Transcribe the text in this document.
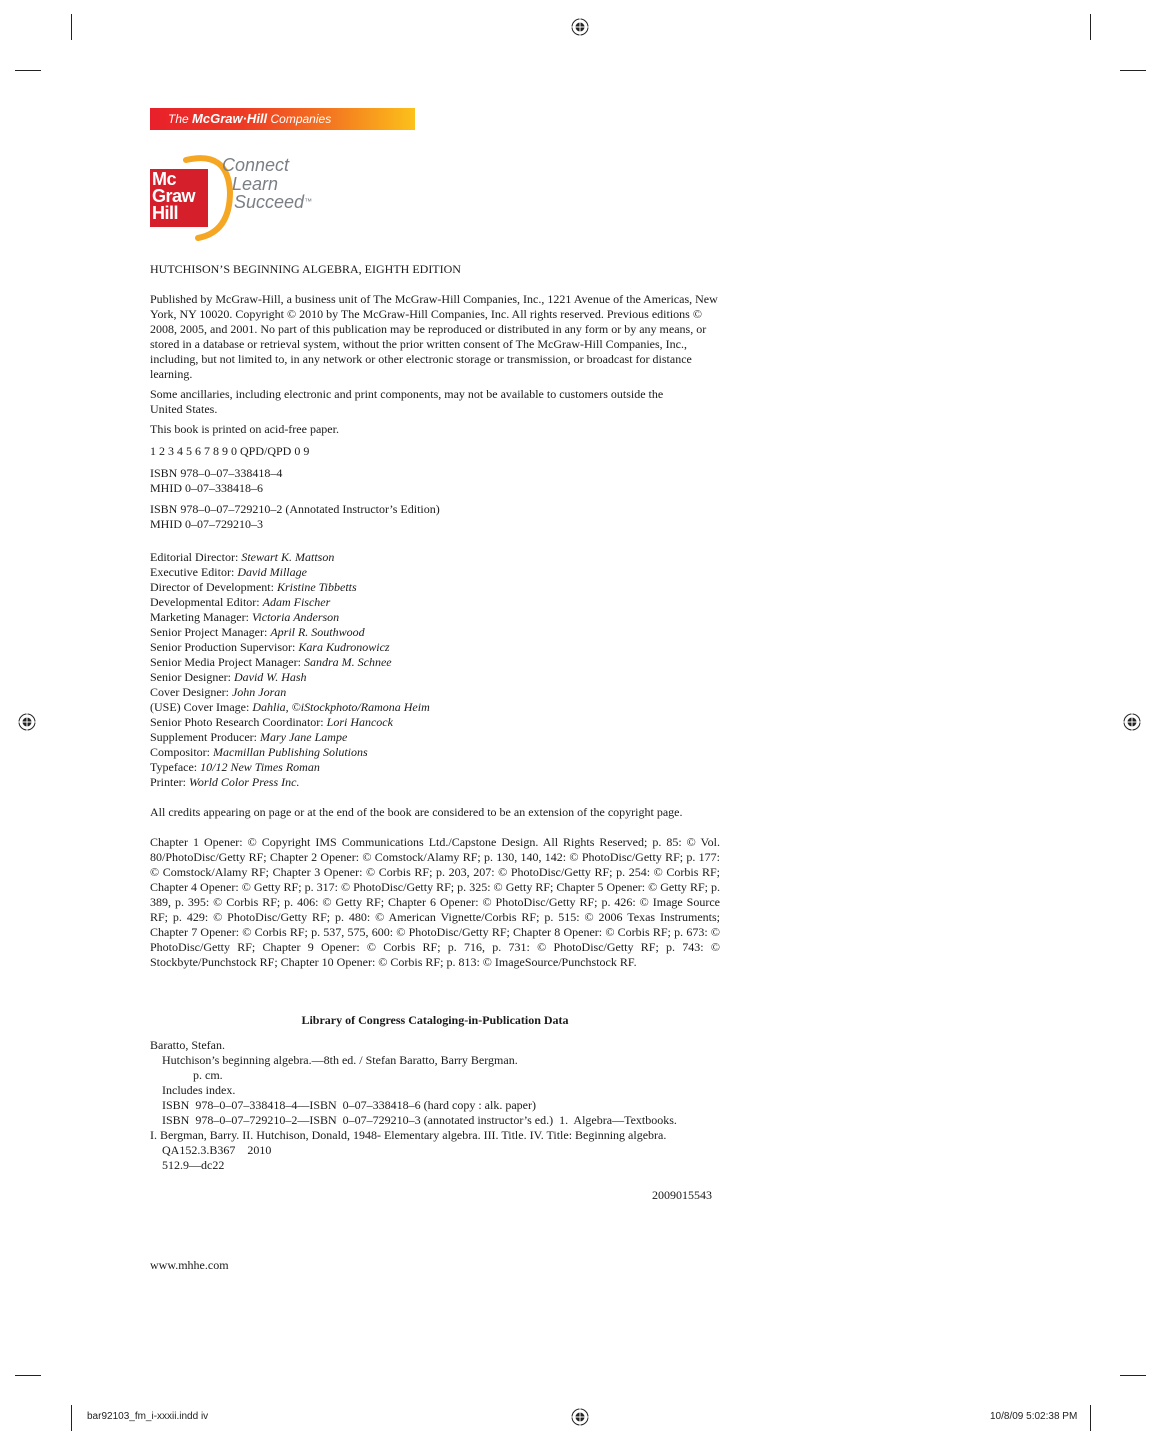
The McGraw·Hill Companies
Mc
Graw
Hill
Connect
Learn
Succeed™
HUTCHISON’S BEGINNING ALGEBRA, EIGHTH EDITION
Published by McGraw-Hill, a business unit of The McGraw-Hill Companies, Inc., 1221 Avenue of the Americas, New York, NY 10020. Copyright © 2010 by The McGraw-Hill Companies, Inc. All rights reserved. Previous editions © 2008, 2005, and 2001. No part of this publication may be reproduced or distributed in any form or by any means, or stored in a database or retrieval system, without the prior written consent of The McGraw-Hill Companies, Inc., including, but not limited to, in any network or other electronic storage or transmission, or broadcast for distance learning.
Some ancillaries, including electronic and print components, may not be available to customers outside the United States.
This book is printed on acid-free paper.
1 2 3 4 5 6 7 8 9 0 QPD/QPD 0 9
ISBN 978–0–07–338418–4
MHID 0–07–338418–6
ISBN 978–0–07–729210–2 (Annotated Instructor’s Edition)
MHID 0–07–729210–3
Editorial Director: Stewart K. Mattson
Executive Editor: David Millage
Director of Development: Kristine Tibbetts
Developmental Editor: Adam Fischer
Marketing Manager: Victoria Anderson
Senior Project Manager: April R. Southwood
Senior Production Supervisor: Kara Kudronowicz
Senior Media Project Manager: Sandra M. Schnee
Senior Designer: David W. Hash
Cover Designer: John Joran
(USE) Cover Image: Dahlia, ©iStockphoto/Ramona Heim
Senior Photo Research Coordinator: Lori Hancock
Supplement Producer: Mary Jane Lampe
Compositor: Macmillan Publishing Solutions
Typeface: 10/12 New Times Roman
Printer: World Color Press Inc.
All credits appearing on page or at the end of the book are considered to be an extension of the copyright page.
Chapter 1 Opener: © Copyright IMS Communications Ltd./Capstone Design. All Rights Reserved; p. 85: © Vol. 80/PhotoDisc/Getty RF; Chapter 2 Opener: © Comstock/Alamy RF; p. 130, 140, 142: © PhotoDisc/Getty RF; p. 177: © Comstock/Alamy RF; Chapter 3 Opener: © Corbis RF; p. 203, 207: © PhotoDisc/Getty RF; p. 254: © Corbis RF; Chapter 4 Opener: © Getty RF; p. 317: © PhotoDisc/Getty RF; p. 325: © Getty RF; Chapter 5 Opener: © Getty RF; p. 389, p. 395: © Corbis RF; p. 406: © Getty RF; Chapter 6 Opener: © PhotoDisc/Getty RF; p. 426: © Image Source RF; p. 429: © PhotoDisc/Getty RF; p. 480: © American Vignette/Corbis RF; p. 515: © 2006 Texas Instruments; Chapter 7 Opener: © Corbis RF; p. 537, 575, 600: © PhotoDisc/Getty RF; Chapter 8 Opener: © Corbis RF; p. 673: © PhotoDisc/Getty RF; Chapter 9 Opener: © Corbis RF; p. 716, p. 731: © PhotoDisc/Getty RF; p. 743: © Stockbyte/Punchstock RF; Chapter 10 Opener: © Corbis RF; p. 813: © ImageSource/Punchstock RF.
Library of Congress Cataloging-in-Publication Data
Baratto, Stefan.
Hutchison’s beginning algebra.—8th ed. / Stefan Baratto, Barry Bergman.
p. cm.
Includes index.
ISBN  978–0–07–338418–4—ISBN  0–07–338418–6 (hard copy : alk. paper)
ISBN  978–0–07–729210–2—ISBN  0–07–729210–3 (annotated instructor’s ed.)  1.  Algebra—Textbooks.
I. Bergman, Barry. II. Hutchison, Donald, 1948- Elementary algebra. III. Title. IV. Title: Beginning algebra.
QA152.3.B367    2010
512.9—dc22
2009015543
www.mhhe.com
bar92103_fm_i-xxxii.indd iv	10/8/09 5:02:38 PM
